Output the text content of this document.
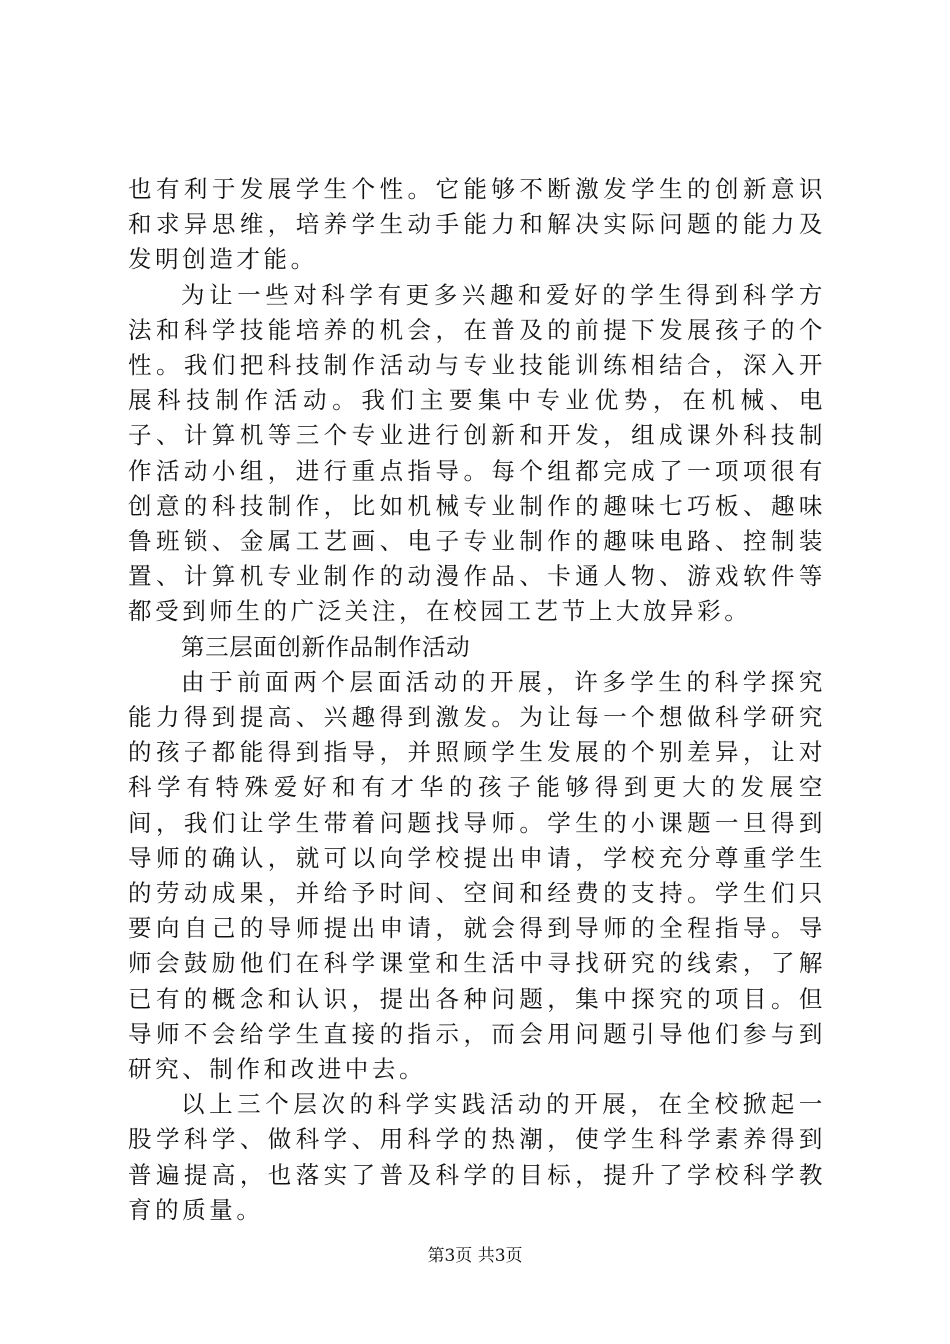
也有利于发展学生个性。它能够不断激发学生的创新意识和求异思维，培养学生动手能力和解决实际问题的能力及发明创造才能。

为让一些对科学有更多兴趣和爱好的学生得到科学方法和科学技能培养的机会，在普及的前提下发展孩子的个性。我们把科技制作活动与专业技能训练相结合，深入开展科技制作活动。我们主要集中专业优势，在机械、电子、计算机等三个专业进行创新和开发，组成课外科技制作活动小组，进行重点指导。每个组都完成了一项项很有创意的科技制作，比如机械专业制作的趣味七巧板、趣味鲁班锁、金属工艺画、电子专业制作的趣味电路、控制装置、计算机专业制作的动漫作品、卡通人物、游戏软件等都受到师生的广泛关注，在校园工艺节上大放异彩。

第三层面创新作品制作活动

由于前面两个层面活动的开展，许多学生的科学探究能力得到提高、兴趣得到激发。为让每一个想做科学研究的孩子都能得到指导，并照顾学生发展的个别差异，让对科学有特殊爱好和有才华的孩子能够得到更大的发展空间，我们让学生带着问题找导师。学生的小课题一旦得到导师的确认，就可以向学校提出申请，学校充分尊重学生的劳动成果，并给予时间、空间和经费的支持。学生们只要向自己的导师提出申请，就会得到导师的全程指导。导师会鼓励他们在科学课堂和生活中寻找研究的线索，了解已有的概念和认识，提出各种问题，集中探究的项目。但导师不会给学生直接的指示，而会用问题引导他们参与到研究、制作和改进中去。

以上三个层次的科学实践活动的开展，在全校掀起一股学科学、做科学、用科学的热潮，使学生科学素养得到普遍提高，也落实了普及科学的目标，提升了学校科学教育的质量。

第3页 共3页
